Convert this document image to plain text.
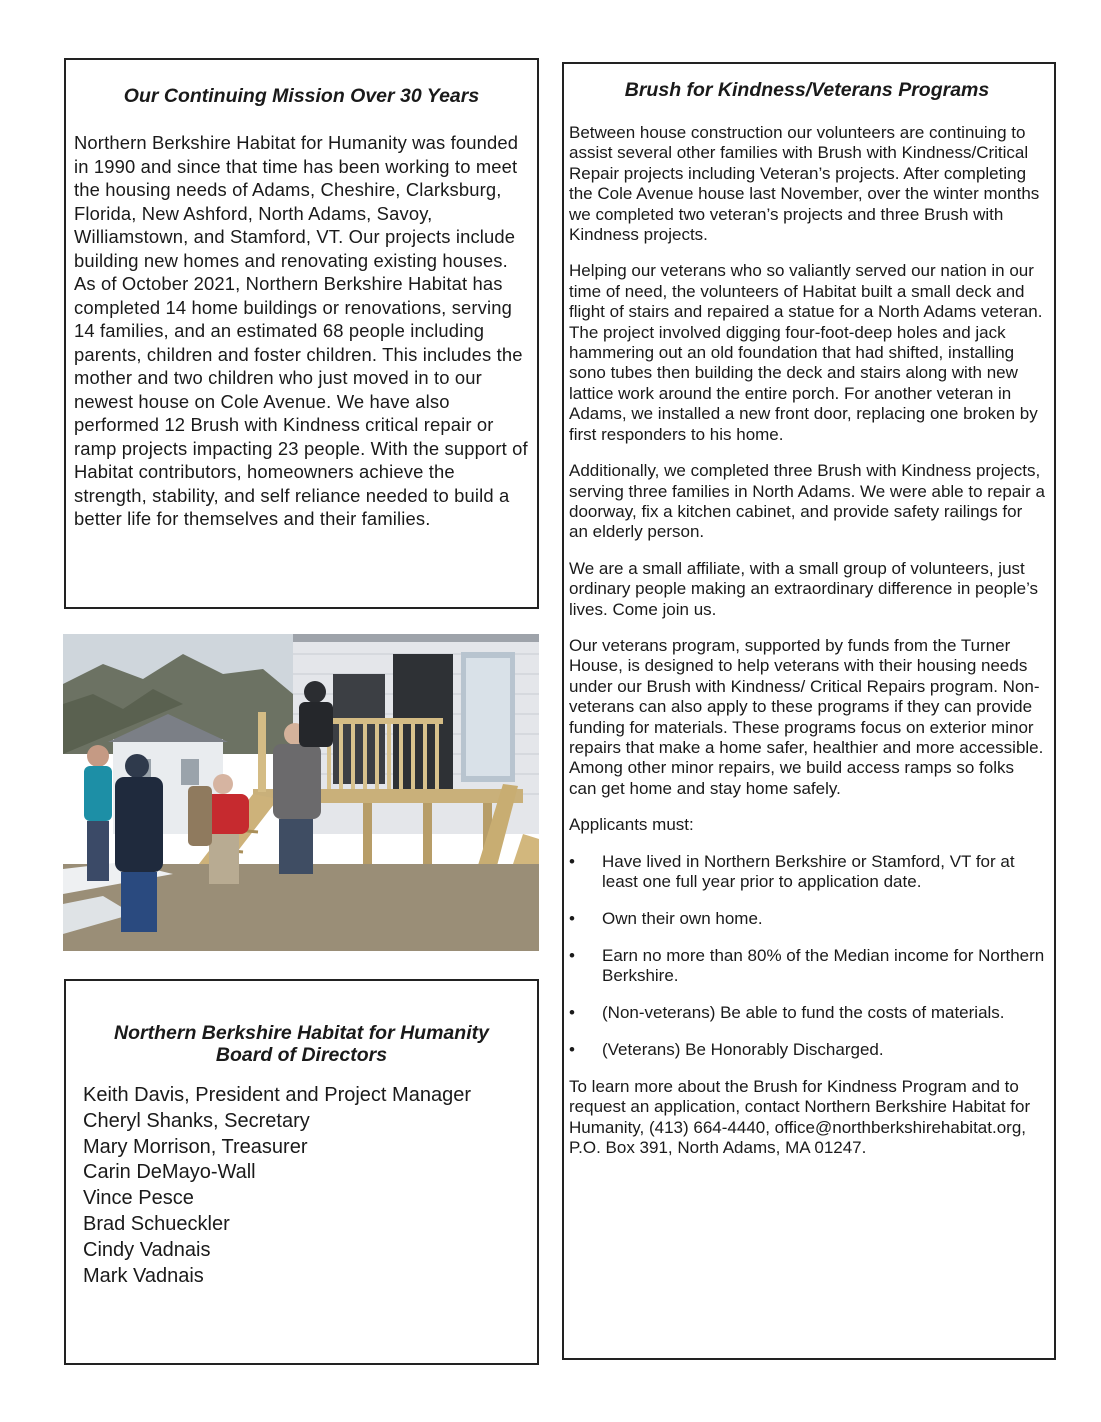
Our Continuing Mission Over 30 Years

Northern Berkshire Habitat for Humanity was founded in 1990 and since that time has been working to meet the housing needs of Adams, Cheshire, Clarksburg, Florida, New Ashford, North Adams, Savoy, Williamstown, and Stamford, VT. Our projects include building new homes and renovating existing houses. As of October 2021, Northern Berkshire Habitat has completed 14 home buildings or renovations, serving 14 families, and an estimated 68 people including parents, children and foster children. This includes the mother and two children who just moved in to our newest house on Cole Avenue. We have also performed 12 Brush with Kindness critical repair or ramp projects impacting 23 people. With the support of Habitat contributors, homeowners achieve the strength, stability, and self reliance needed to build a better life for themselves and their families.

Northern Berkshire Habitat for Humanity
Board of Directors
Keith Davis, President and Project Manager
Cheryl Shanks, Secretary
Mary Morrison, Treasurer
Carin DeMayo-Wall
Vince Pesce
Brad Schueckler
Cindy Vadnais
Mark Vadnais

Brush for Kindness/Veterans Programs

Between house construction our volunteers are continuing to assist several other families with Brush with Kindness/Critical Repair projects including Veteran’s projects. After completing the Cole Avenue house last November, over the winter months we completed two veteran’s projects and three Brush with Kindness projects.

Helping our veterans who so valiantly served our nation in our time of need, the volunteers of Habitat built a small deck and flight of stairs and repaired a statue for a North Adams veteran. The project involved digging four-foot-deep holes and jack hammering out an old foundation that had shifted, installing sono tubes then building the deck and stairs along with new lattice work around the entire porch. For another veteran in Adams, we installed a new front door, replacing one broken by first responders to his home.

Additionally, we completed three Brush with Kindness projects, serving three families in North Adams. We were able to repair a doorway, fix a kitchen cabinet, and provide safety railings for an elderly person.

We are a small affiliate, with a small group of volunteers, just ordinary people making an extraordinary difference in people’s lives. Come join us.

Our veterans program, supported by funds from the Turner House, is designed to help veterans with their housing needs under our Brush with Kindness/ Critical Repairs program. Non-veterans can also apply to these programs if they can provide funding for materials. These programs focus on exterior minor repairs that make a home safer, healthier and more accessible. Among other minor repairs, we build access ramps so folks can get home and stay home safely.

Applicants must:

• Have lived in Northern Berkshire or Stamford, VT for at least one full year prior to application date.
• Own their own home.
• Earn no more than 80% of the Median income for Northern Berkshire.
• (Non-veterans) Be able to fund the costs of materials.
• (Veterans) Be Honorably Discharged.

To learn more about the Brush for Kindness Program and to request an application, contact Northern Berkshire Habitat for Humanity, (413) 664-4440, office@northberkshirehabitat.org, P.O. Box 391, North Adams, MA 01247.
